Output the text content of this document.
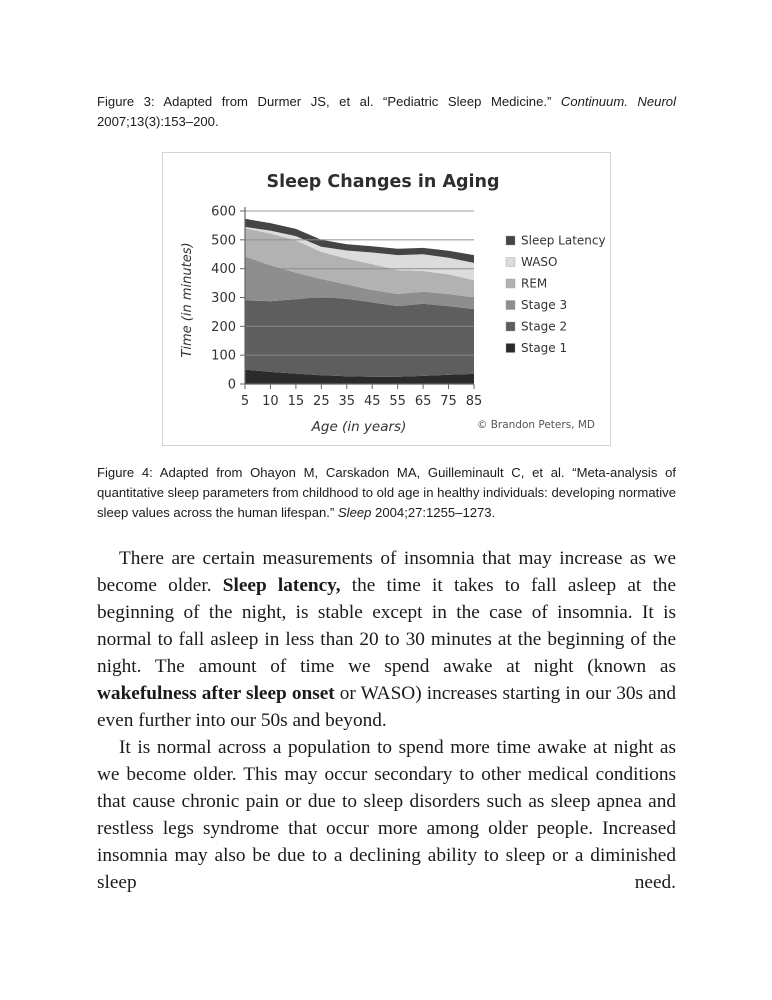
Figure 3: Adapted from Durmer JS, et al. “Pediatric Sleep Medicine.” Continuum. Neurol 2007;13(3):153–200.
Sleep Changes in Aging
0
100
200
300
400
500
600
5 10 15 25 35 45 55 65 75 85
Time (in minutes)
Age (in years)
Sleep Latency
WASO
REM
Stage 3
Stage 2
Stage 1
© Brandon Peters, MD
Figure 4: Adapted from Ohayon M, Carskadon MA, Guilleminault C, et al. “Meta-analysis of quantitative sleep parameters from childhood to old age in healthy individuals: developing normative sleep values across the human lifespan.” Sleep 2004;27:1255–1273.

There are certain measurements of insomnia that may increase as we become older. Sleep latency, the time it takes to fall asleep at the beginning of the night, is stable except in the case of insomnia. It is normal to fall asleep in less than 20 to 30 minutes at the beginning of the night. The amount of time we spend awake at night (known as wakefulness after sleep onset or WASO) increases starting in our 30s and even further into our 50s and beyond.

It is normal across a population to spend more time awake at night as we become older. This may occur secondary to other medical conditions that cause chronic pain or due to sleep disorders such as sleep apnea and restless legs syndrome that occur more among older people. Increased insomnia may also be due to a declining ability to sleep or a diminished sleep need.
